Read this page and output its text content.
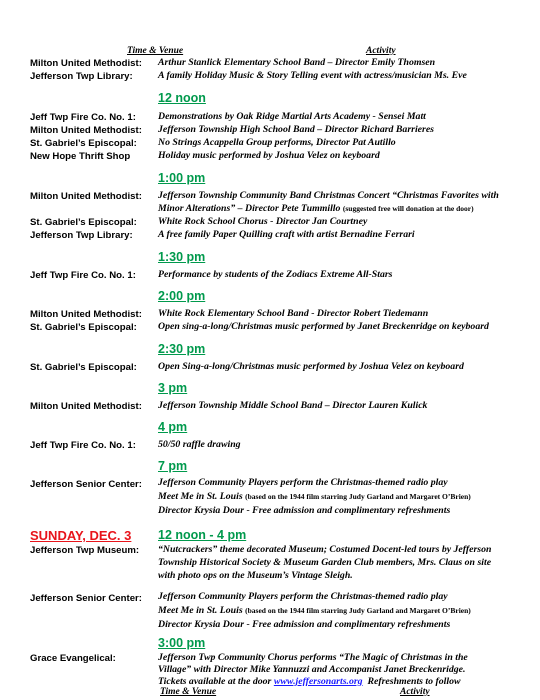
Time & Venue	Activity
Milton United Methodist: Arthur Stanlick Elementary School Band – Director Emily Thomsen
Jefferson Twp Library:	A family Holiday Music & Story Telling event with actress/musician Ms. Eve
12 noon
Jeff Twp Fire Co. No. 1: Demonstrations by Oak Ridge Martial Arts Academy - Sensei Matt
Milton United Methodist: Jefferson Township High School Band – Director Richard Barrieres
St. Gabriel’s Episcopal: No Strings Acappella Group performs, Director Pat Autillo
New Hope Thrift Shop	Holiday music performed by Joshua Velez on keyboard
1:00 pm
Milton United Methodist: Jefferson Township Community Band Christmas Concert “Christmas Favorites with
Minor Alterations” – Director Pete Tummillo (suggested free will donation at the door)
St. Gabriel’s Episcopal: White Rock School Chorus - Director Jan Courtney
Jefferson Twp Library:	A free family Paper Quilling craft with artist Bernadine Ferrari
1:30 pm
Jeff Twp Fire Co. No. 1: Performance by students of the Zodiacs Extreme All-Stars
2:00 pm
Milton United Methodist: White Rock Elementary School Band - Director Robert Tiedemann
St. Gabriel’s Episcopal: Open sing-a-long/Christmas music performed by Janet Breckenridge on keyboard
2:30 pm
St. Gabriel’s Episcopal: Open Sing-a-long/Christmas music performed by Joshua Velez on keyboard
3 pm
Milton United Methodist: Jefferson Township Middle School Band – Director Lauren Kulick
4 pm
Jeff Twp Fire Co. No. 1: 50/50 raffle drawing
7 pm
Jefferson Senior Center: Jefferson Community Players perform the Christmas-themed radio play
Meet Me in St. Louis (based on the 1944 film starring Judy Garland and Margaret O’Brien)
Director Krysia Dour - Free admission and complimentary refreshments
SUNDAY, DEC. 3 12 noon - 4 pm
Jefferson Twp Museum: “Nutcrackers” theme decorated Museum; Costumed Docent-led tours by Jefferson
Township Historical Society & Museum Garden Club members, Mrs. Claus on site
with photo ops on the Museum’s Vintage Sleigh.
Jefferson Senior Center: Jefferson Community Players perform the Christmas-themed radio play
Meet Me in St. Louis (based on the 1944 film starring Judy Garland and Margaret O’Brien)
Director Krysia Dour - Free admission and complimentary refreshments
3:00 pm
Grace Evangelical:	Jefferson Twp Community Chorus performs “The Magic of Christmas in the
Village” with Director Mike Yannuzzi and Accompanist Janet Breckenridge.
Tickets available at the door www.jeffersonarts.org Refreshments to follow
Time & Venue	Activity
